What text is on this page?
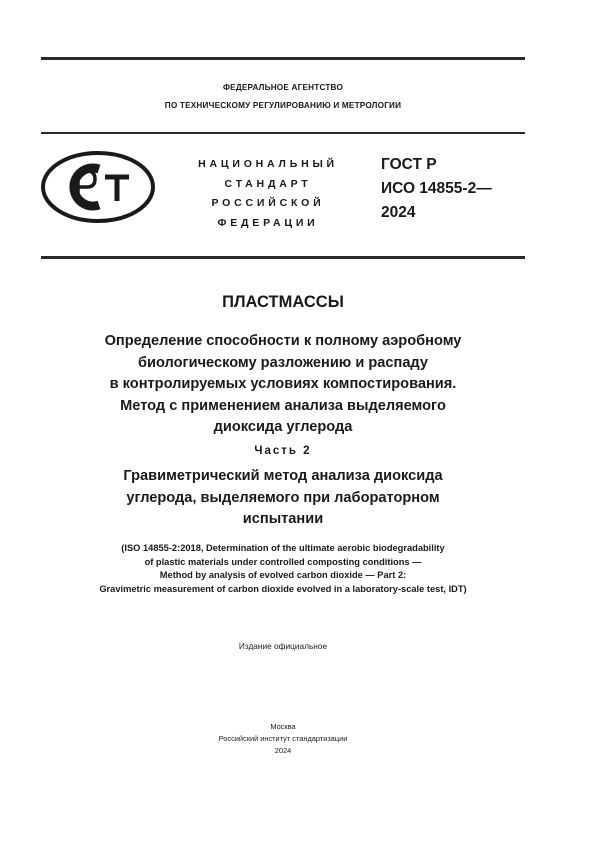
ФЕДЕРАЛЬНОЕ АГЕНТСТВО
ПО ТЕХНИЧЕСКОМУ РЕГУЛИРОВАНИЮ И МЕТРОЛОГИИ
НАЦИОНАЛЬНЫЙ
СТАНДАРТ
РОССИЙСКОЙ
ФЕДЕРАЦИИ
ГОСТ Р
ИСО 14855-2—
2024
ПЛАСТМАССЫ
Определение способности к полному аэробному
биологическому разложению и распаду
в контролируемых условиях компостирования.
Метод с применением анализа выделяемого
диоксида углерода
Часть 2
Гравиметрический метод анализа диоксида
углерода, выделяемого при лабораторном
испытании
(ISO 14855-2:2018, Determination of the ultimate aerobic biodegradability
of plastic materials under controlled composting conditions —
Method by analysis of evolved carbon dioxide — Part 2:
Gravimetric measurement of carbon dioxide evolved in a laboratory-scale test, IDT)
Издание официальное
Москва
Российский институт стандартизации
2024
